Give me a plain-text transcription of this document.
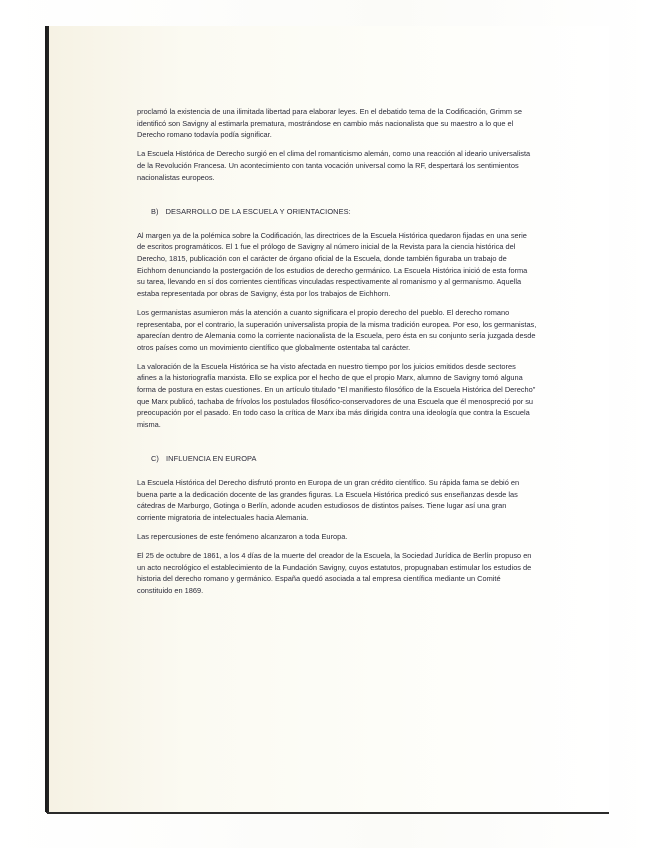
proclamó la existencia de una ilimitada libertad para elaborar leyes. En el debatido tema de la Codificación, Grimm se identificó son Savigny al estimarla prematura, mostrándose en cambio más nacionalista que su maestro a lo que el Derecho romano todavía podía significar.

La Escuela Histórica de Derecho surgió en el clima del romanticismo alemán, como una reacción al ideario universalista de la Revolución Francesa. Un acontecimiento con tanta vocación universal como la RF, despertará los sentimientos nacionalistas europeos.

B) DESARROLLO DE LA ESCUELA Y ORIENTACIONES:

Al margen ya de la polémica sobre la Codificación, las directrices de la Escuela Histórica quedaron fijadas en una serie de escritos programáticos. El 1 fue el prólogo de Savigny al número inicial de la Revista para la ciencia histórica del Derecho, 1815, publicación con el carácter de órgano oficial de la Escuela, donde también figuraba un trabajo de Eichhorn denunciando la postergación de los estudios de derecho germánico. La Escuela Histórica inició de esta forma su tarea, llevando en sí dos corrientes científicas vinculadas respectivamente al romanismo y al germanismo. Aquella estaba representada por obras de Savigny, ésta por los trabajos de Eichhorn.

Los germanistas asumieron más la atención a cuanto significara el propio derecho del pueblo. El derecho romano representaba, por el contrario, la superación universalista propia de la misma tradición europea. Por eso, los germanistas, aparecían dentro de Alemania como la corriente nacionalista de la Escuela, pero ésta en su conjunto sería juzgada desde otros países como un movimiento científico que globalmente ostentaba tal carácter.

La valoración de la Escuela Histórica se ha visto afectada en nuestro tiempo por los juicios emitidos desde sectores afines a la historiografía marxista. Ello se explica por el hecho de que el propio Marx, alumno de Savigny tomó alguna forma de postura en estas cuestiones. En un artículo titulado "El manifiesto filosófico de la Escuela Histórica del Derecho" que Marx publicó, tachaba de frívolos los postulados filosófico-conservadores de una Escuela que él menospreció por su preocupación por el pasado. En todo caso la crítica de Marx iba más dirigida contra una ideología que contra la Escuela misma.

C) INFLUENCIA EN EUROPA

La Escuela Histórica del Derecho disfrutó pronto en Europa de un gran crédito científico. Su rápida fama se debió en buena parte a la dedicación docente de las grandes figuras. La Escuela Histórica predicó sus enseñanzas desde las cátedras de Marburgo, Gotinga o Berlín, adonde acuden estudiosos de distintos países. Tiene lugar así una gran corriente migratoria de intelectuales hacia Alemania.

Las repercusiones de este fenómeno alcanzaron a toda Europa.

El 25 de octubre de 1861, a los 4 días de la muerte del creador de la Escuela, la Sociedad Jurídica de Berlín propuso en un acto necrológico el establecimiento de la Fundación Savigny, cuyos estatutos, propugnaban estimular los estudios de historia del derecho romano y germánico. España quedó asociada a tal empresa científica mediante un Comité constituido en 1869.
